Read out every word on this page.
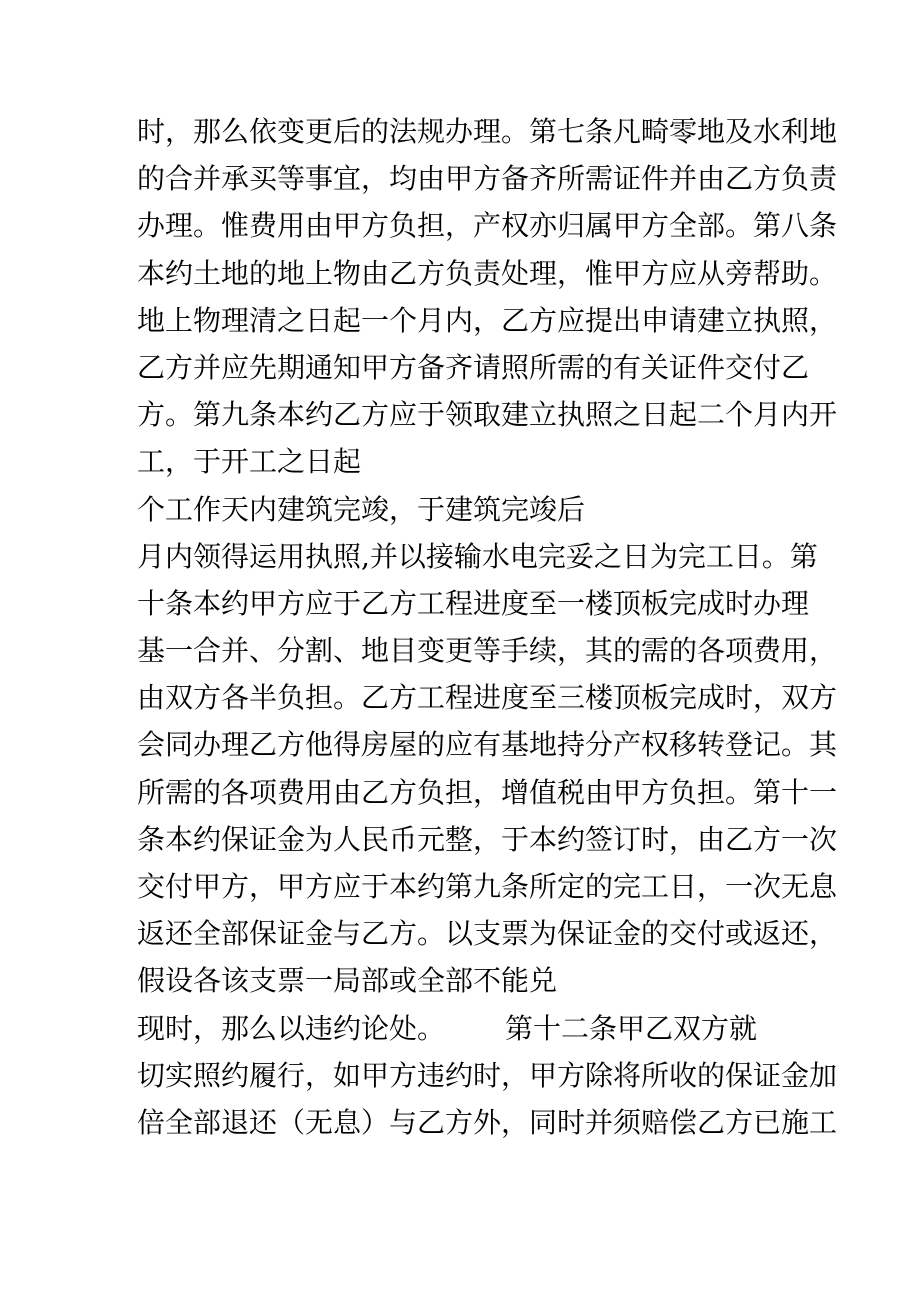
时，那么依变更后的法规办理。第七条凡畸零地及水利地
的合并承买等事宜，均由甲方备齐所需证件并由乙方负责
办理。惟费用由甲方负担，产权亦归属甲方全部。第八条
本约土地的地上物由乙方负责处理，惟甲方应从旁帮助。
地上物理清之日起一个月内，乙方应提出申请建立执照，
乙方并应先期通知甲方备齐请照所需的有关证件交付乙
方。第九条本约乙方应于领取建立执照之日起二个月内开
工，于开工之日起
个工作天内建筑完竣，于建筑完竣后
月内领得运用执照,并以接输水电完妥之日为完工日。第
十条本约甲方应于乙方工程进度至一楼顶板完成时办理
基一合并、分割、地目变更等手续，其的需的各项费用，
由双方各半负担。乙方工程进度至三楼顶板完成时，双方
会同办理乙方他得房屋的应有基地持分产权移转登记。其
所需的各项费用由乙方负担，增值税由甲方负担。第十一
条本约保证金为人民币元整，于本约签订时，由乙方一次
交付甲方，甲方应于本约第九条所定的完工日，一次无息
返还全部保证金与乙方。以支票为保证金的交付或返还，
假设各该支票一局部或全部不能兑
现时，那么以违约论处。 第十二条甲乙双方就
切实照约履行，如甲方违约时，甲方除将所收的保证金加
倍全部退还（无息）与乙方外，同时并须赔偿乙方已施工
